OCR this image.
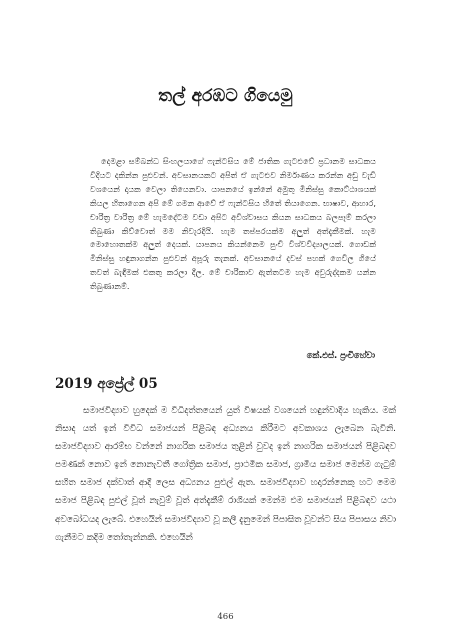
තල් අරඹට ගියෙමු

දෙමළා සම්බන්ධ සිංහලයාගේ ෆැන්ටසිය මේ ජාතික ගැටළුවේ ප්‍රධානම සාධකය විදියට දකින්න පුළුවන්. අවසානයකට අපිත් ඒ ගැටළුව නිර්මාණය කරන්න අඩු වැඩි වශයෙන් දායක වෙලා තියෙනවා. යාපනයේ ඉන්නේ අමුතු මිනිස්සු කොට්ඨාශයක් කියල හිතාගෙන අපි මේ ගමන ආවේ ඒ ෆැන්ටසිය හිතේ තියාගෙන. භාෂාව, ආහාර, චාරිත්‍ර වාරිත්‍ර මේ හැමදේටම වඩා අපිට අවිශ්වාසය කියන සාධකය බලපෑම් කරලා තිබුණා කිව්වොත් මම නිවැරදියි. හැම තප්පරයක්ම අලුත් අත්දැකීමක්. හැම මොහොතක්ම අලුත් දෙයක්. යාපනය කියන්නෙම පුංචි විශ්වවිද්‍යාලයක්. ගොඩක් මිනිස්සු හඳුනාගන්න පුළුවන් අපූරු තැනක්. අවසානයේ දවස් පහක් ගෙවිල ගියේ තවත් බැඳීමක් එකතු කරලා දීල. මේ චාරිකාව ඇත්තටම හැම අවුරුද්දකම යන්න තිබුණානම්.

කේ.එස්. ප්‍රංචිහේවා
2019 අප්‍රේල් 05

සමාජවිද්‍යාව හුදෙක් ම විධිදත්තයෙන් යුත් විෂයක් වශයෙන් හඳුන්වාදිය හැකිය. මක් නිසාද යත් ඉන් විවිධ සමාජයන් පිළිබඳ අධ්‍යනය කිරීමට අවකාශය ලැබෙන බැවිනි. සමාජවිද්‍යාව ආරම්භ වන්නේ නාගරික සමාජය තුළින් වුවද ඉන් නාගරික සමාජයන් පිළිබඳව පමණක් නොව ඉන් නොනැවතී ගෝත්‍රික සමාජ, ප්‍රාථමික සමාජ, ග්‍රාමීය සමාජ මෙන්ම ගැටුම් සහිත සමාජ දක්වාත් ආදී ලෙස අධ්‍යනය පුළුල් ඇත. සමාජවිද්‍යාව හදාරන්නෙකු හට මෙම සමාජ පිළිබඳ පුළුල් වූත් නැවුම් වූත් අත්දැකීම් රාශියක් මෙන්ම එම සමාජයන් පිළිබඳව යථා අවබෝධයද ලැබේ. එහෙයින් සමාජවිද්‍යාව වූ කලී දැනුමෙන් පිපාසිත වූවන්ට සිය පිපාසය නිවා ගැනීමට කදිම තෝතැන්නකි. එහෙයින්

466
